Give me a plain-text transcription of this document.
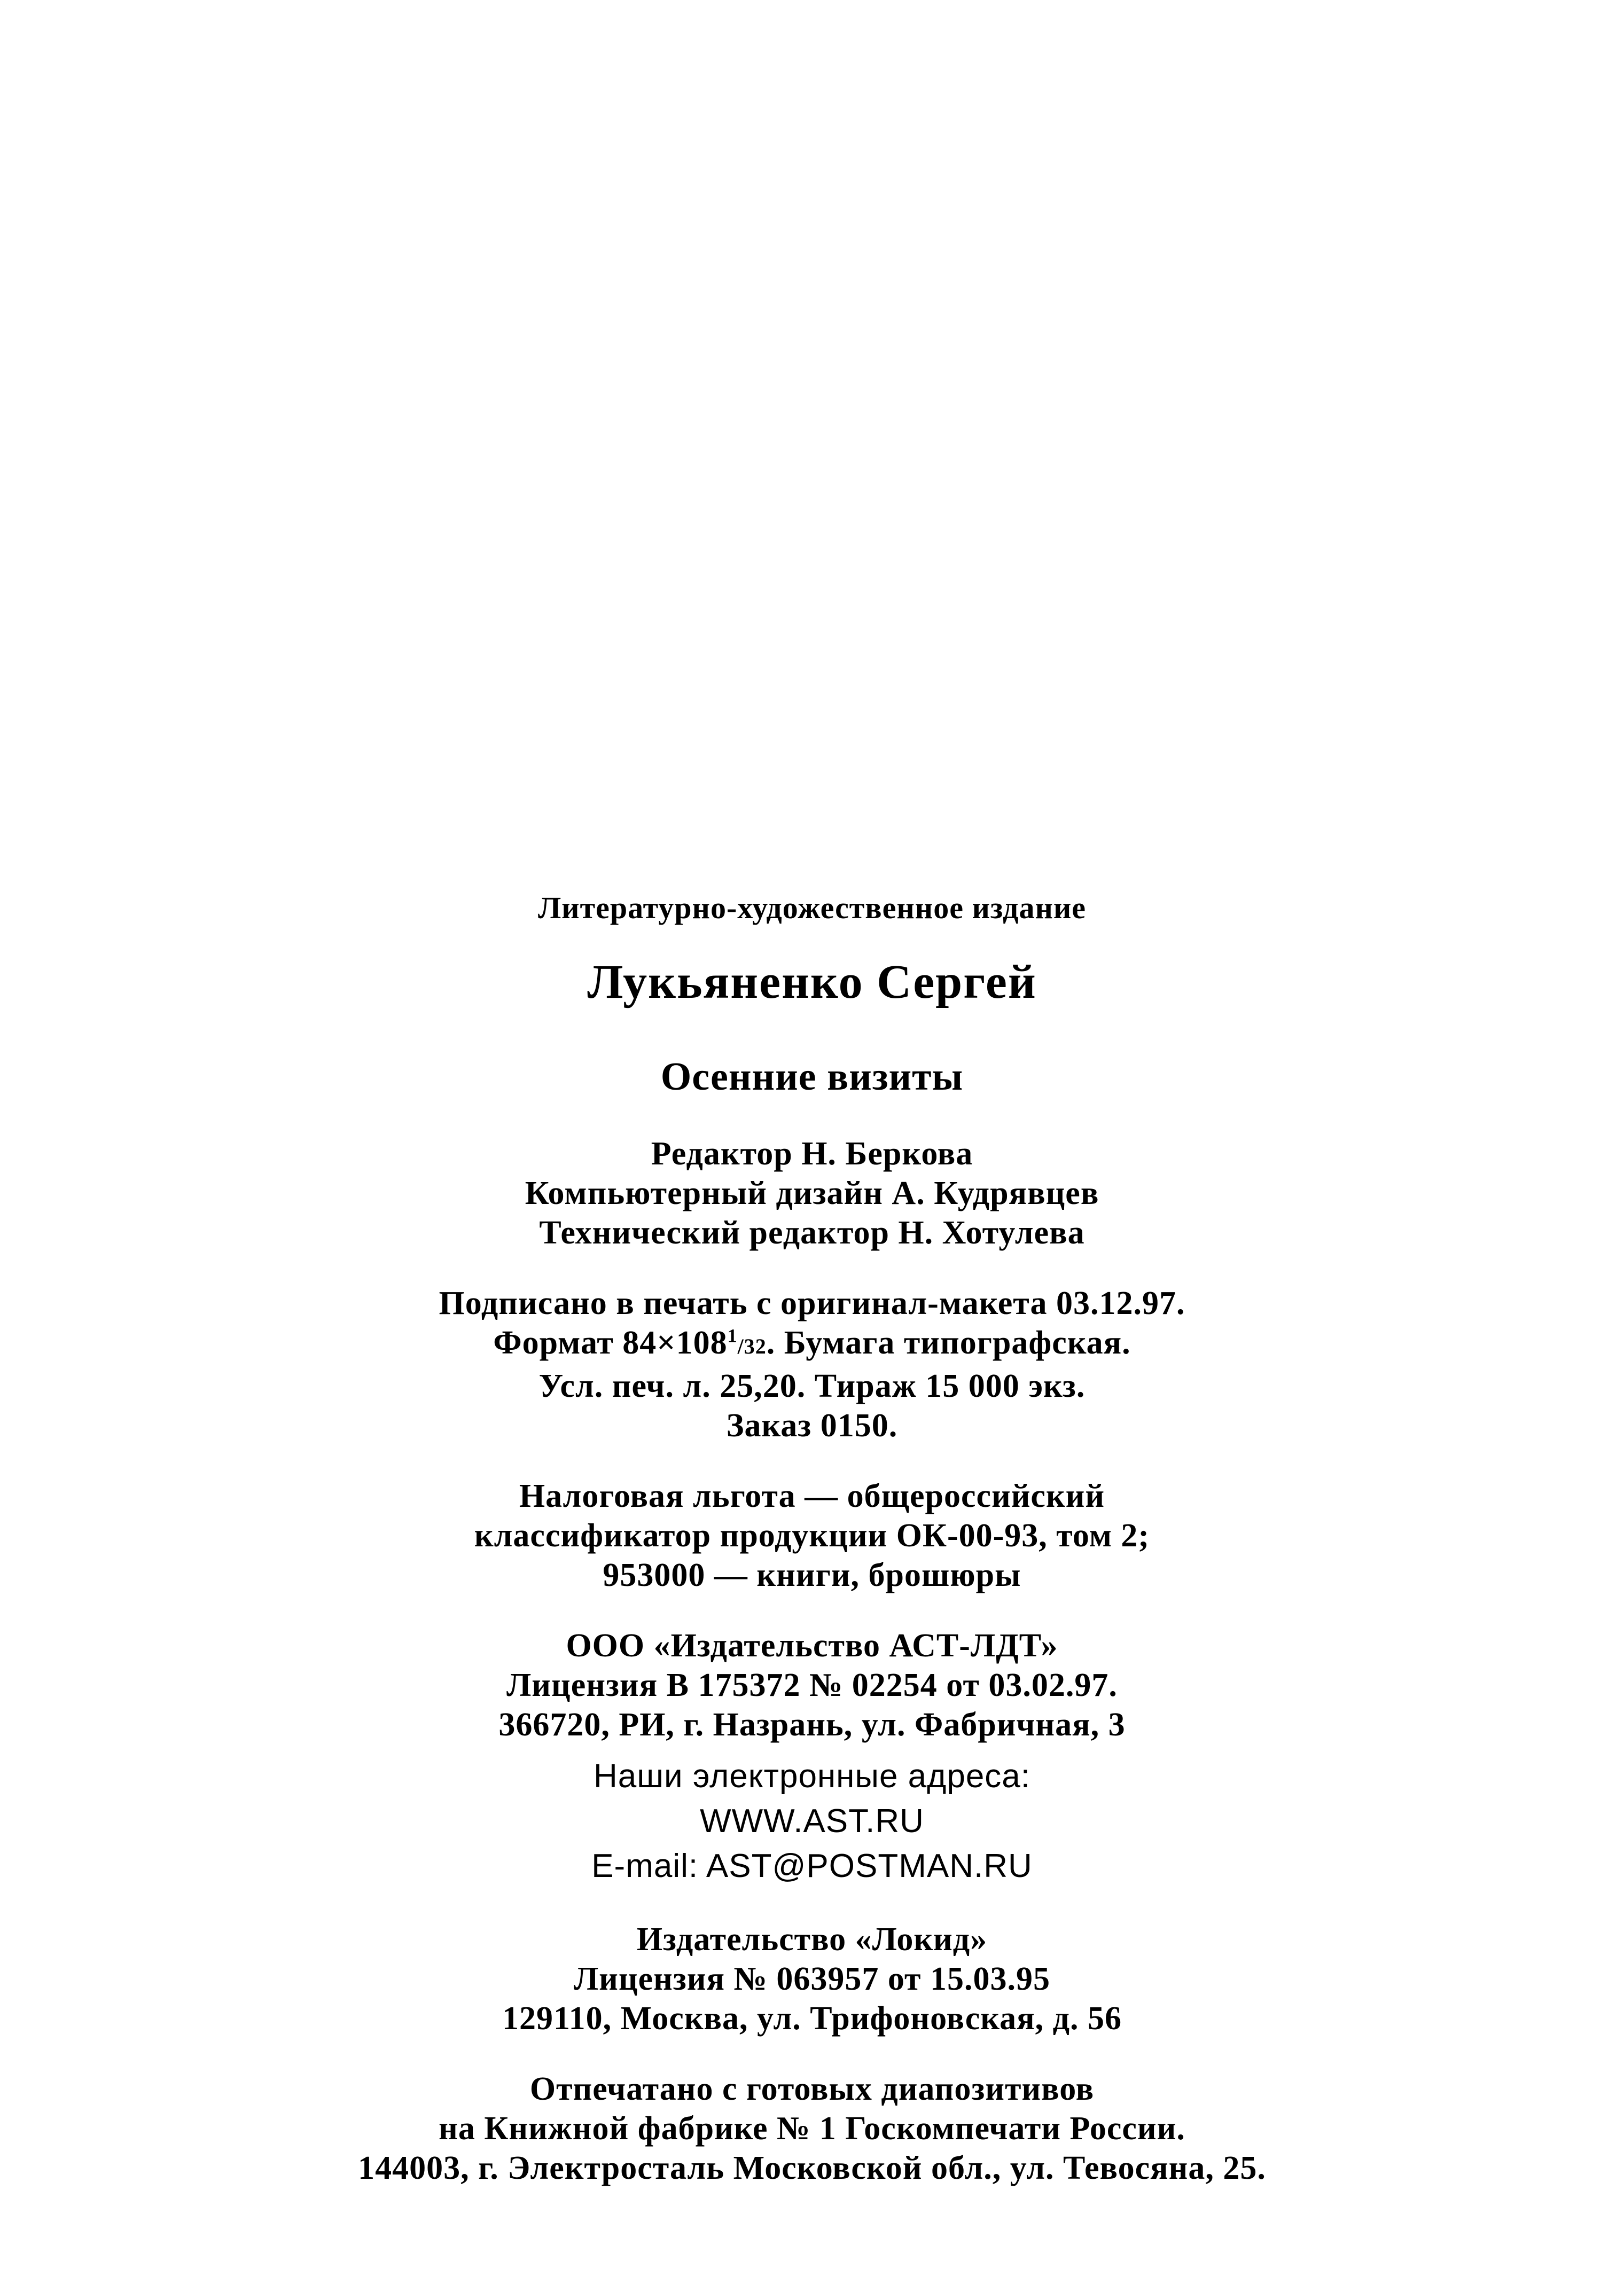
Литературно-художественное издание
Лукьяненко Сергей
Осенние визиты
Редактор Н. Беркова
Компьютерный дизайн А. Кудрявцев
Технический редактор Н. Хотулева
Подписано в печать с оригинал-макета 03.12.97.
Формат $84\times 108^1/32$. Бумага типографская.
Усл. печ. л. 25,20. Тираж 15 000 экз.
Заказ 0150.
Налоговая льгота — общероссийский
классификатор продукции ОК-00-93, том 2;
953000 — книги, брошюры
ООО «Издательство АСТ-ЛДТ»
Лицензия В 175372 № 02254 от 03.02.97.
366720, РИ, г. Назрань, ул. Фабричная, 3
Наши электронные адреса:
WWW.AST.RU
E-mail: AST@POSTMAN.RU
Издательство «Локид»
Лицензия № 063957 от 15.03.95
129110, Москва, ул. Трифоновская, д. 56
Отпечатано с готовых диапозитивов
на Книжной фабрике № 1 Госкомпечати России.
144003, г. Электросталь Московской обл., ул. Тевосяна, 25.
